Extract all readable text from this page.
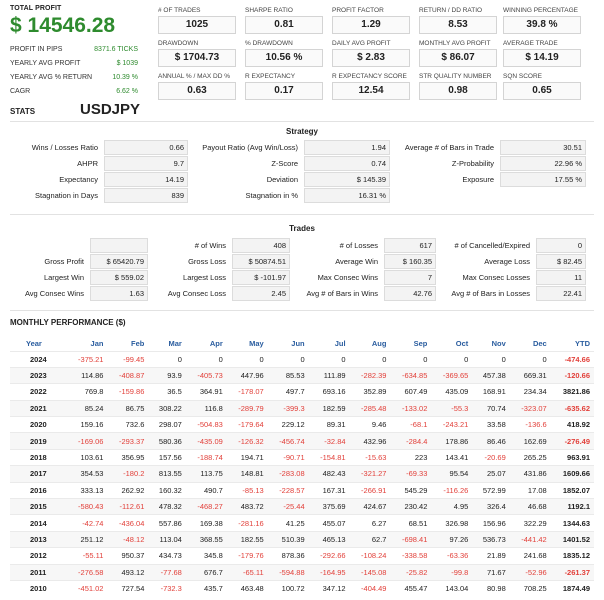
TOTAL PROFIT
$ 14546.28
PROFIT IN PIPS	8371.6 TICKS
YEARLY AVG PROFIT	$ 1039
YEARLY AVG % RETURN	10.39 %
CAGR	6.62 %
STATS	USDJPY
# OF TRADES
1025
SHARPE RATIO
0.81
PROFIT FACTOR
1.29
RETURN / DD RATIO
8.53
WINNING PERCENTAGE
39.8 %
DRAWDOWN
$ 1704.73
% DRAWDOWN
10.56 %
DAILY AVG PROFIT
$ 2.83
MONTHLY AVG PROFIT
$ 86.07
AVERAGE TRADE
$ 14.19
ANNUAL % / MAX DD %
0.63
R EXPECTANCY
0.17
R EXPECTANCY SCORE
12.54
STR QUALITY NUMBER
0.98
SQN SCORE
0.65
Strategy
Wins / Losses Ratio	0.66	Payout Ratio (Avg Win/Loss)	1.94	Average # of Bars in Trade	30.51
AHPR	9.7	Z-Score	0.74	Z-Probability	22.96 %
Expectancy	14.19	Deviation	$ 145.39	Exposure	17.55 %
Stagnation in Days	839	Stagnation in %	16.31 %
Trades
# of Wins	408	# of Losses	617	# of Cancelled/Expired	0
Gross Profit	$ 65420.79	Gross Loss	$ 50874.51	Average Win	$ 160.35	Average Loss	$ 82.45
Largest Win	$ 559.02	Largest Loss	$ -101.97	Max Consec Wins	7	Max Consec Losses	11
Avg Consec Wins	1.63	Avg Consec Loss	2.45	Avg # of Bars in Wins	42.76	Avg # of Bars in Losses	22.41
MONTHLY PERFORMANCE ($)
Year	Jan	Feb	Mar	Apr	May	Jun	Jul	Aug	Sep	Oct	Nov	Dec	YTD
2024	-375.21	-99.45	0	0	0	0	0	0	0	0	0	0	-474.66
2023	114.86	-408.87	93.9	-405.73	447.96	85.53	111.89	-282.39	-634.85	-369.65	457.38	669.31	-120.66
2022	769.8	-159.86	36.5	364.91	-178.07	497.7	693.16	352.89	607.49	435.09	168.91	234.34	3821.86
2021	85.24	86.75	308.22	116.8	-289.79	-399.3	182.59	-285.48	-133.02	-55.3	70.74	-323.07	-635.62
2020	159.16	732.6	298.07	-504.83	-179.64	229.12	89.31	9.46	-68.1	-243.21	33.58	-136.6	418.92
2019	-169.06	-293.37	580.36	-435.09	-126.32	-456.74	-32.84	432.96	-284.4	178.86	86.46	162.69	-276.49
2018	103.61	356.95	157.56	-188.74	194.71	-90.71	-154.81	-15.63	223	143.41	-20.69	265.25	963.91
2017	354.53	-180.2	813.55	113.75	148.81	-283.08	482.43	-321.27	-69.33	95.54	25.07	431.86	1609.66
2016	333.13	262.92	160.32	490.7	-85.13	-228.57	167.31	-266.91	545.29	-116.26	572.99	17.08	1852.07
2015	-580.43	-112.61	478.32	-468.27	483.72	-25.44	375.69	424.67	230.42	4.95	326.4	46.68	1192.1
2014	-42.74	-436.04	557.86	169.38	-281.16	41.25	455.07	6.27	68.51	326.98	156.96	322.29	1344.63
2013	251.12	-48.12	113.04	368.55	182.55	510.39	465.13	62.7	-698.41	97.26	536.73	-441.42	1401.52
2012	-55.11	950.37	434.73	345.8	-179.76	878.36	-292.66	-108.24	-338.58	-63.36	21.89	241.68	1835.12
2011	-276.58	493.12	-77.68	676.7	-65.11	-594.88	-164.95	-145.08	-25.82	-99.8	71.67	-52.96	-261.37
2010	-451.02	727.54	-732.3	435.7	463.48	100.72	347.12	-404.49	455.47	143.04	80.98	708.25	1874.49
